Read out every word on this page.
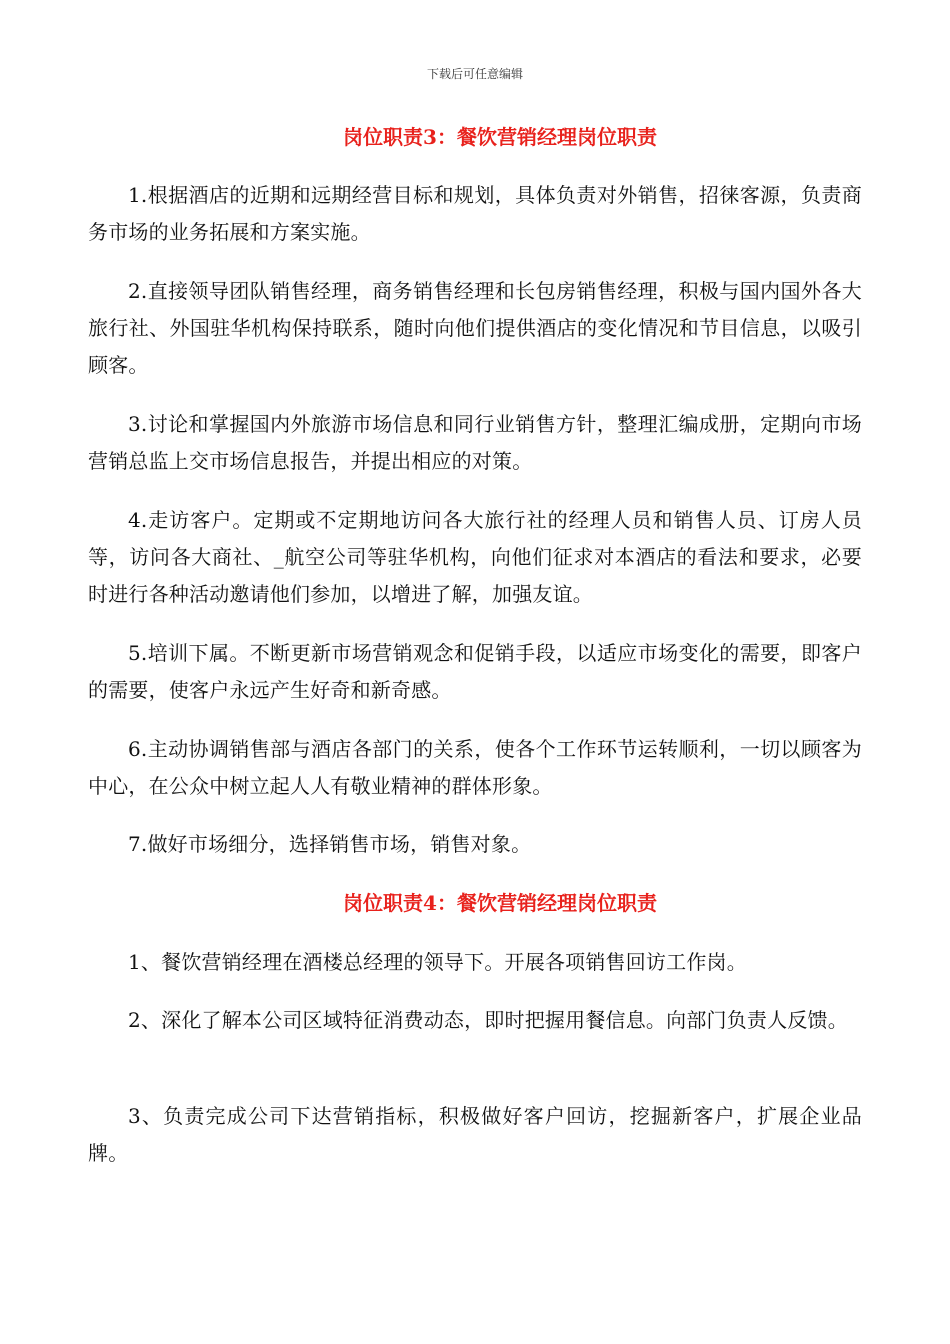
下载后可任意编辑
岗位职责3：餐饮营销经理岗位职责

1.根据酒店的近期和远期经营目标和规划，具体负责对外销售，招徕客源，负责商务市场的业务拓展和方案实施。

2.直接领导团队销售经理，商务销售经理和长包房销售经理，积极与国内国外各大旅行社、外国驻华机构保持联系，随时向他们提供酒店的变化情况和节目信息，以吸引顾客。

3.讨论和掌握国内外旅游市场信息和同行业销售方针，整理汇编成册，定期向市场营销总监上交市场信息报告，并提出相应的对策。

4.走访客户。定期或不定期地访问各大旅行社的经理人员和销售人员、订房人员等，访问各大商社、_航空公司等驻华机构，向他们征求对本酒店的看法和要求，必要时进行各种活动邀请他们参加，以增进了解，加强友谊。

5.培训下属。不断更新市场营销观念和促销手段，以适应市场变化的需要，即客户的需要，使客户永远产生好奇和新奇感。

6.主动协调销售部与酒店各部门的关系，使各个工作环节运转顺利，一切以顾客为中心，在公众中树立起人人有敬业精神的群体形象。

7.做好市场细分，选择销售市场，销售对象。

岗位职责4：餐饮营销经理岗位职责

1、餐饮营销经理在酒楼总经理的领导下。开展各项销售回访工作岗。

2、深化了解本公司区域特征消费动态，即时把握用餐信息。向部门负责人反馈。

3、负责完成公司下达营销指标，积极做好客户回访，挖掘新客户，扩展企业品牌。
